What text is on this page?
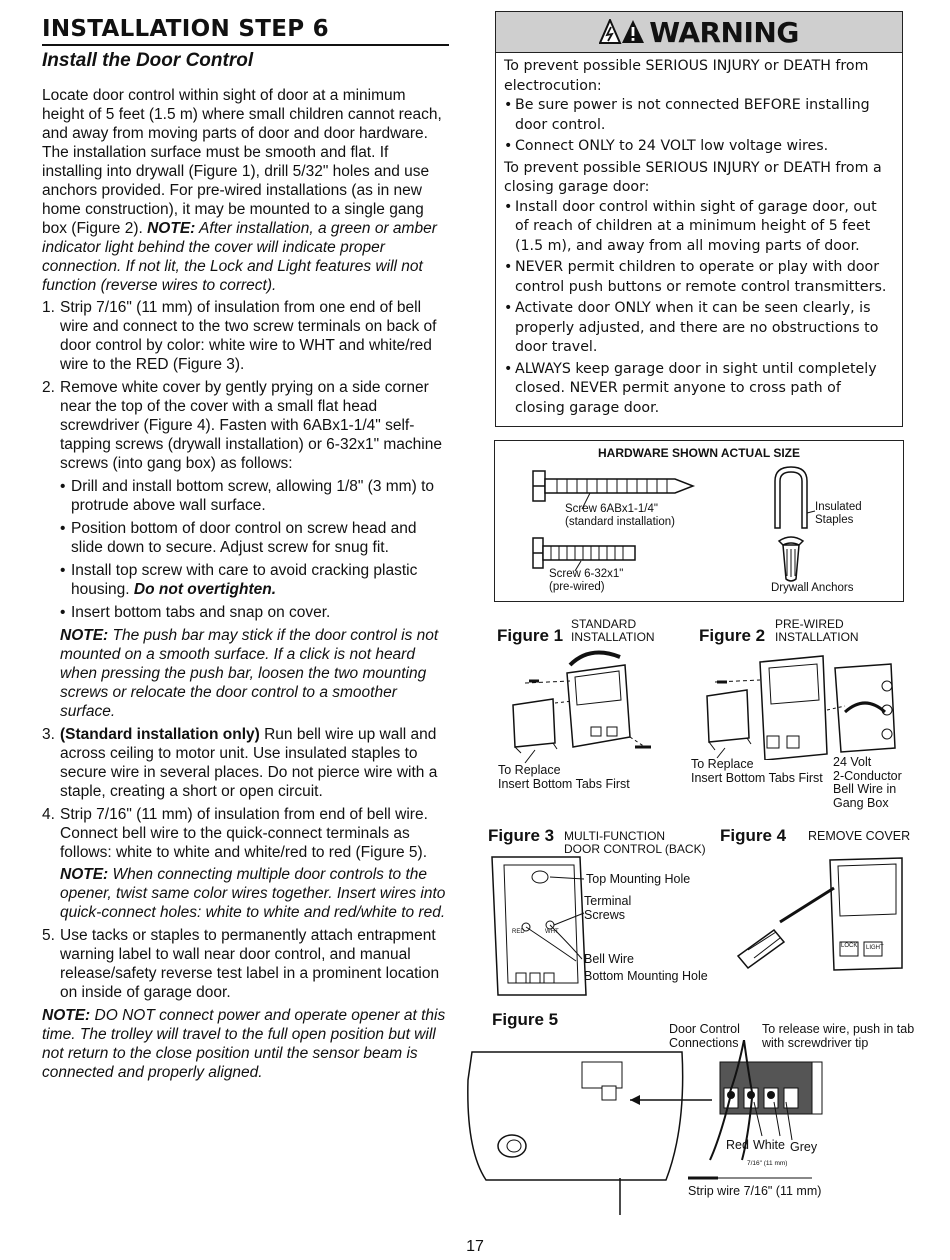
INSTALLATION STEP 6
Install the Door Control

Locate door control within sight of door at a minimum height of 5 feet (1.5 m) where small children cannot reach, and away from moving parts of door and door hardware. The installation surface must be smooth and flat. If installing into drywall (Figure 1), drill 5/32" holes and use anchors provided. For pre-wired installations (as in new home construction), it may be mounted to a single gang box (Figure 2). NOTE: After installation, a green or amber indicator light behind the cover will indicate proper connection. If not lit, the Lock and Light features will not function (reverse wires to correct).

1. Strip 7/16" (11 mm) of insulation from one end of bell wire and connect to the two screw terminals on back of door control by color: white wire to WHT and white/red wire to the RED (Figure 3).
2. Remove white cover by gently prying on a side corner near the top of the cover with a small flat head screwdriver (Figure 4). Fasten with 6ABx1-1/4" self-tapping screws (drywall installation) or 6-32x1" machine screws (into gang box) as follows:
• Drill and install bottom screw, allowing 1/8" (3 mm) to protrude above wall surface.
• Position bottom of door control on screw head and slide down to secure. Adjust screw for snug fit.
• Install top screw with care to avoid cracking plastic housing. Do not overtighten.
• Insert bottom tabs and snap on cover.
NOTE: The push bar may stick if the door control is not mounted on a smooth surface. If a click is not heard when pressing the push bar, loosen the two mounting screws or relocate the door control to a smoother surface.
3. (Standard installation only) Run bell wire up wall and across ceiling to motor unit. Use insulated staples to secure wire in several places. Do not pierce wire with a staple, creating a short or open circuit.
4. Strip 7/16" (11 mm) of insulation from end of bell wire. Connect bell wire to the quick-connect terminals as follows: white to white and white/red to red (Figure 5).
NOTE: When connecting multiple door controls to the opener, twist same color wires together. Insert wires into quick-connect holes: white to white and red/white to red.
5. Use tacks or staples to permanently attach entrapment warning label to wall near door control, and manual release/safety reverse test label in a prominent location on inside of garage door.
NOTE: DO NOT connect power and operate opener at this time. The trolley will travel to the full open position but will not return to the close position until the sensor beam is connected and properly aligned.
WARNING

To prevent possible SERIOUS INJURY or DEATH from electrocution:

• Be sure power is not connected BEFORE installing door control.
• Connect ONLY to 24 VOLT low voltage wires.

To prevent possible SERIOUS INJURY or DEATH from a closing garage door:

• Install door control within sight of garage door, out of reach of children at a minimum height of 5 feet (1.5 m), and away from all moving parts of door.
• NEVER permit children to operate or play with door control push buttons or remote control transmitters.
• Activate door ONLY when it can be seen clearly, is properly adjusted, and there are no obstructions to door travel.
• ALWAYS keep garage door in sight until completely closed. NEVER permit anyone to cross path of closing garage door.
HARDWARE SHOWN ACTUAL SIZE
Screw 6ABx1-1/4"
(standard installation)
Screw 6-32x1"
(pre-wired)
Insulated
Staples
Drywall Anchors
Figure 1
STANDARD
INSTALLATION
To Replace
Insert Bottom Tabs First
Figure 2
PRE-WIRED
INSTALLATION
To Replace
Insert Bottom Tabs First
24 Volt
2-Conductor
Bell Wire in
Gang Box
Figure 3 MULTI-FUNCTION
DOOR CONTROL (BACK)
RED	WHT
Top Mounting Hole
Terminal
Screws
Bell Wire
Bottom Mounting Hole
Figure 4 REMOVE COVER
LOCK LIGHT
Figure 5	Door Control
Connections
To release wire, push in tab
with screwdriver tip
Red White Grey
7/16" (11 mm)
Strip wire 7/16" (11 mm)
17
